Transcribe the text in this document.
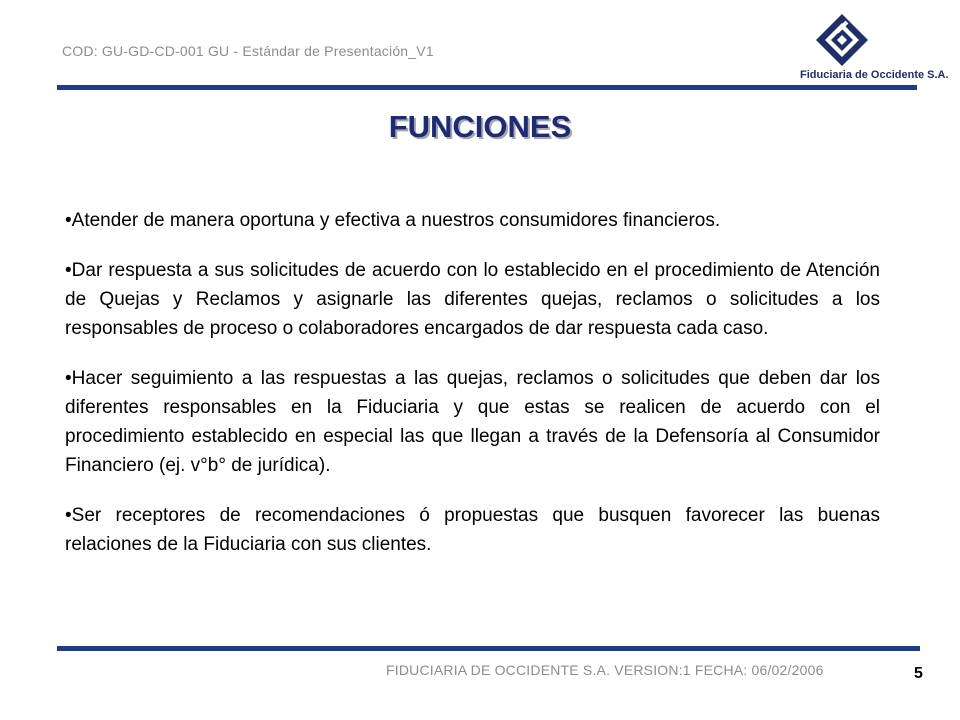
COD: GU-GD-CD-001 GU - Estándar de Presentación_V1
Fiduciaria de Occidente S.A.
FUNCIONES

•Atender de manera oportuna y efectiva a nuestros consumidores financieros.

•Dar respuesta a sus solicitudes de acuerdo con lo establecido en el procedimiento de Atención de Quejas y Reclamos y asignarle las diferentes quejas, reclamos o solicitudes a los responsables de proceso o colaboradores encargados de dar respuesta cada caso.

•Hacer seguimiento a las respuestas a las quejas, reclamos o solicitudes que deben dar los diferentes responsables en la Fiduciaria y que estas se realicen de acuerdo con el procedimiento establecido en especial las que llegan a través de la Defensoría al Consumidor Financiero (ej. v°b° de jurídica).

•Ser receptores de recomendaciones ó propuestas que busquen favorecer las buenas relaciones de la Fiduciaria con sus clientes.

FIDUCIARIA DE OCCIDENTE S.A. VERSION:1 FECHA: 06/02/2006	5
